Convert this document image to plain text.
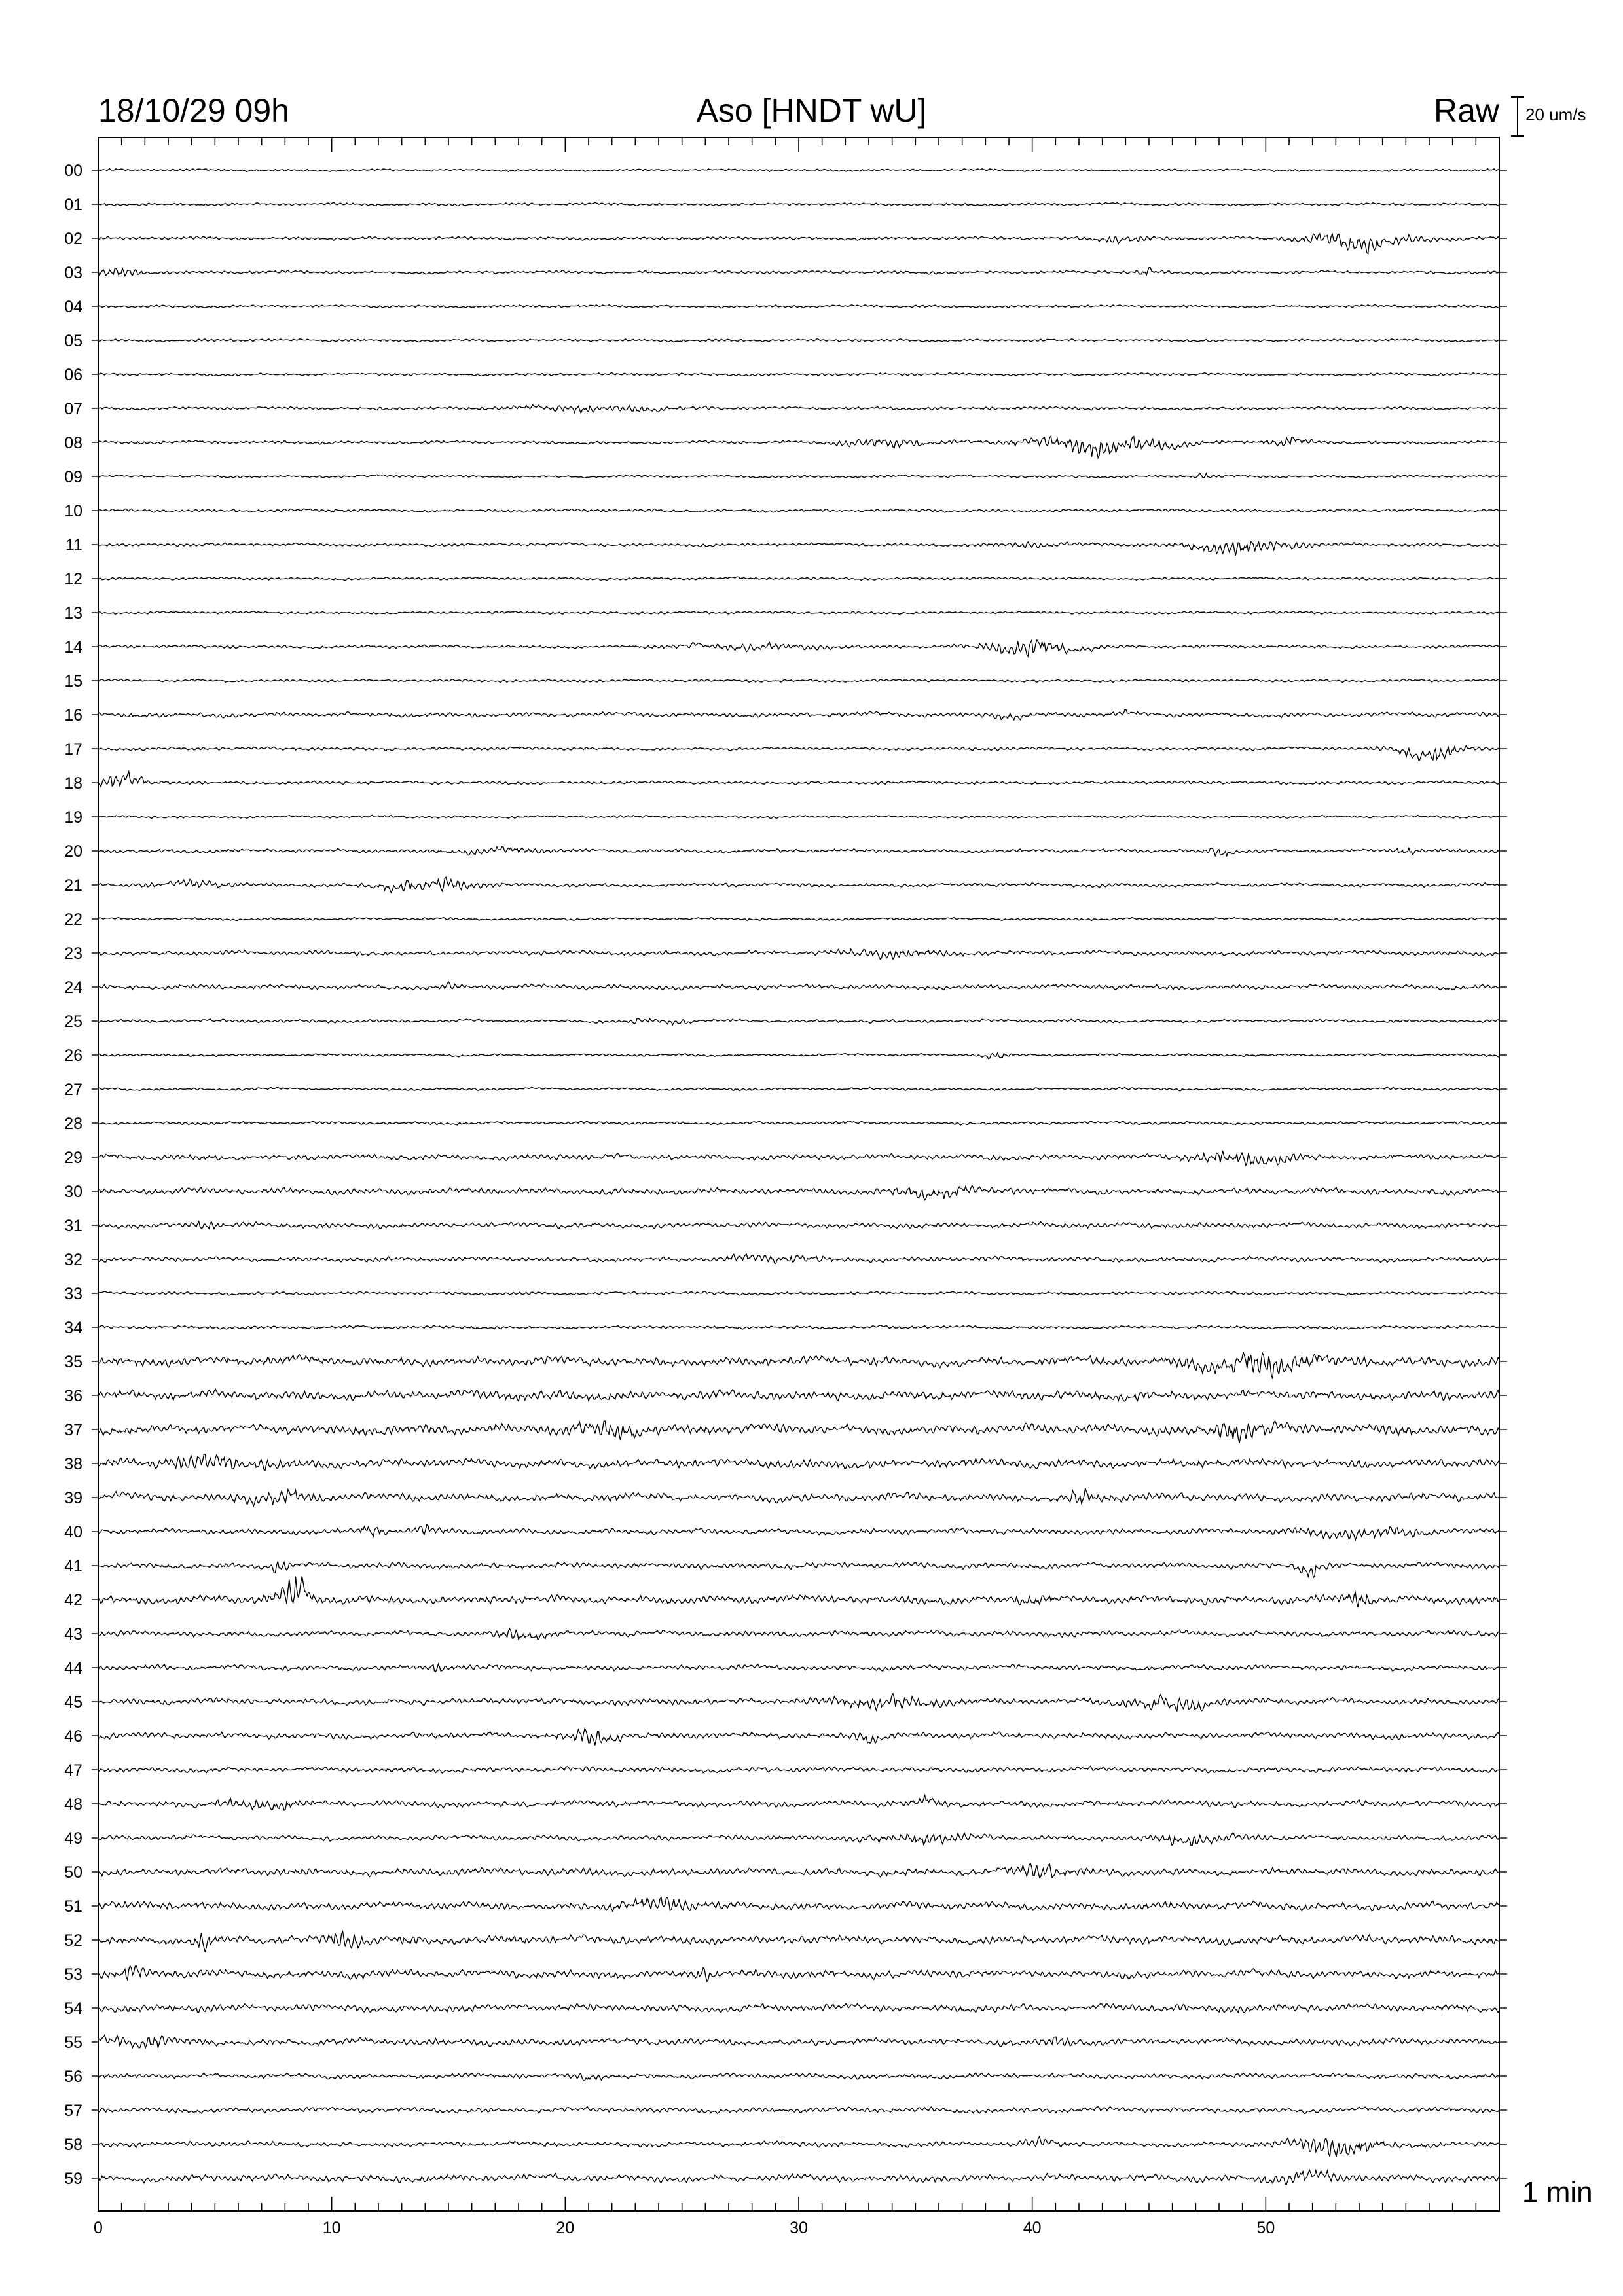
00
01
02
03
04
05
06
07
08
09
10
11
12
13
14
15
16
17
18
19
20
21
22
23
24
25
26
27
28
29
30
31
32
33
34
35
36
37
38
39
40
41
42
43
44
45
46
47
48
49
50
51
52
53
54
55
56
57
58
59
0	10	20	30	40	50
18/10/29 09h	Aso [HNDT wU]	Raw 20 um/s
1 min
